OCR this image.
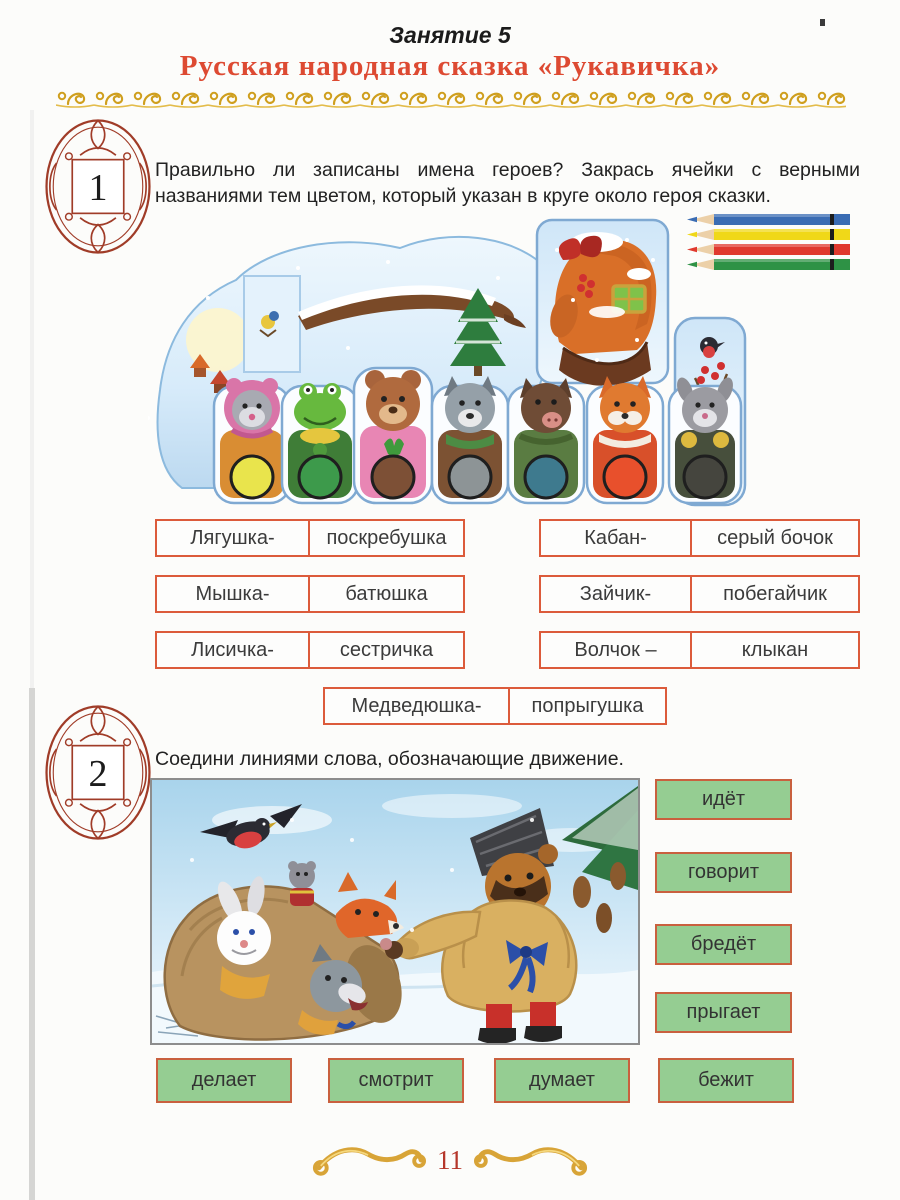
Занятие 5
Русская народная сказка «Рукавичка»
1 Правильно ли записаны имена героев? Закрась ячейки с верными названиями тем цветом, который указан в круге около героя сказки.
Лягушка-	поскребушка
Мышка-	батюшка
Лисичка-	сестричка
Кабан-	серый бочок
Зайчик-	побегайчик
Волчок –	клыкан
Медведюшка-	попрыгушка
2 Соедини линиями слова, обозначающие движение.
идёт
говорит
бредёт
прыгает
делает	смотрит	думает	бежит
11
